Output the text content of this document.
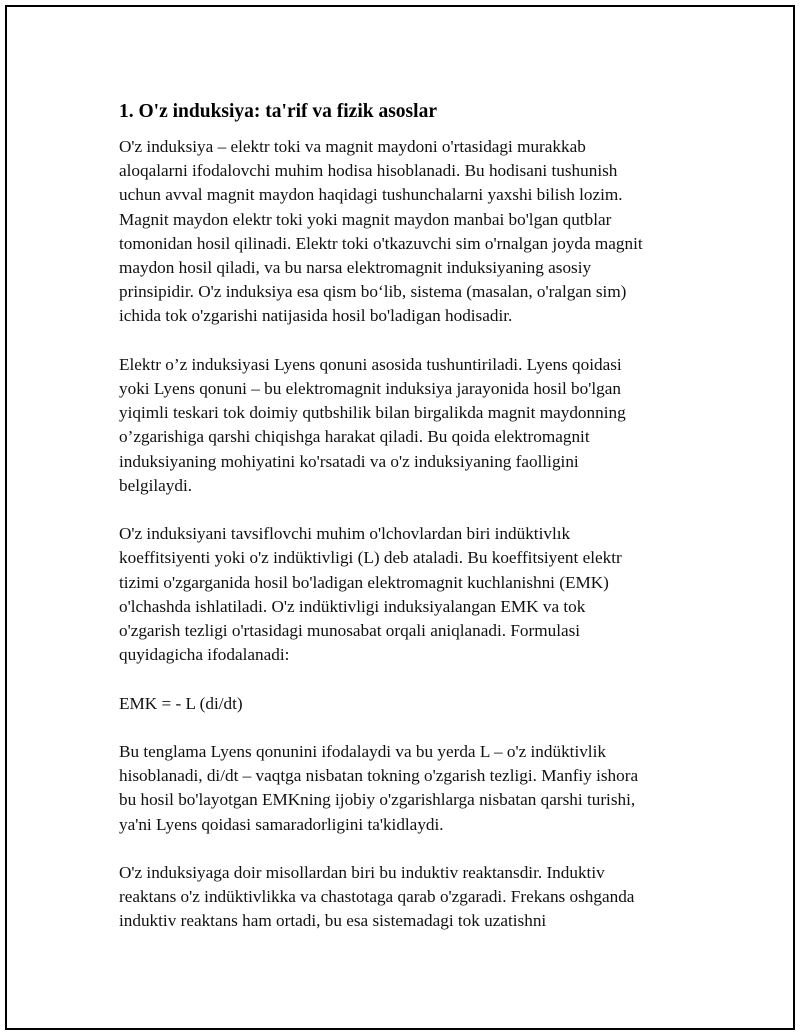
1. O'z induksiya: ta'rif va fizik asoslar

O'z induksiya – elektr toki va magnit maydoni o'rtasidagi murakkab
aloqalarni ifodalovchi muhim hodisa hisoblanadi. Bu hodisani tushunish
uchun avval magnit maydon haqidagi tushunchalarni yaxshi bilish lozim.
Magnit maydon elektr toki yoki magnit maydon manbai bo'lgan qutblar
tomonidan hosil qilinadi. Elektr toki o'tkazuvchi sim o'rnalgan joyda magnit
maydon hosil qiladi, va bu narsa elektromagnit induksiyaning asosiy
prinsipidir. O'z induksiya esa qism bo‘lib, sistema (masalan, o'ralgan sim)
ichida tok o'zgarishi natijasida hosil bo'ladigan hodisadir.

Elektr o’z induksiyasi Lyens qonuni asosida tushuntiriladi. Lyens qoidasi
yoki Lyens qonuni – bu elektromagnit induksiya jarayonida hosil bo'lgan
yiqimli teskari tok doimiy qutbshilik bilan birgalikda magnit maydonning
o’zgarishiga qarshi chiqishga harakat qiladi. Bu qoida elektromagnit
induksiyaning mohiyatini ko'rsatadi va o'z induksiyaning faolligini
belgilaydi.

O'z induksiyani tavsiflovchi muhim o'lchovlardan biri indüktivlık
koeffitsiyenti yoki o'z indüktivligi (L) deb ataladi. Bu koeffitsiyent elektr
tizimi o'zgarganida hosil bo'ladigan elektromagnit kuchlanishni (EMK)
o'lchashda ishlatiladi. O'z indüktivligi induksiyalangan EMK va tok
o'zgarish tezligi o'rtasidagi munosabat orqali aniqlanadi. Formulasi
quyidagicha ifodalanadi:

EMK = - L (di/dt)

Bu tenglama Lyens qonunini ifodalaydi va bu yerda L – o'z indüktivlik
hisoblanadi, di/dt – vaqtga nisbatan tokning o'zgarish tezligi. Manfiy ishora
bu hosil bo'layotgan EMKning ijobiy o'zgarishlarga nisbatan qarshi turishi,
ya'ni Lyens qoidasi samaradorligini ta'kidlaydi.

O'z induksiyaga doir misollardan biri bu induktiv reaktansdir. Induktiv
reaktans o'z indüktivlikka va chastotaga qarab o'zgaradi. Frekans oshganda
induktiv reaktans ham ortadi, bu esa sistemadagi tok uzatishni
